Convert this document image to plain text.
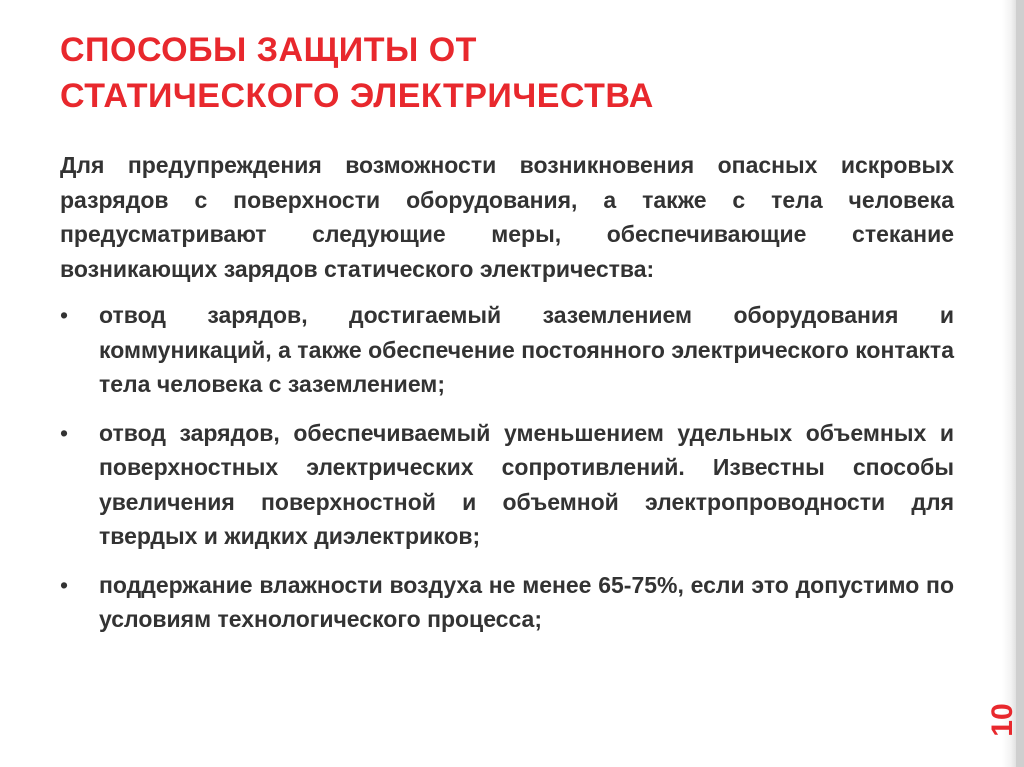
СПОСОБЫ ЗАЩИТЫ ОТ
СТАТИЧЕСКОГО ЭЛЕКТРИЧЕСТВА

Для предупреждения возможности возникновения опасных искровых разрядов с поверхности оборудования, а также с тела человека предусматривают следующие меры, обеспечивающие стекание возникающих зарядов статического электричества:

• отвод зарядов, достигаемый заземлением оборудования и коммуникаций, а также обеспечение постоянного электрического контакта тела человека с заземлением;
• отвод зарядов, обеспечиваемый уменьшением удельных объемных и поверхностных электрических сопротивлений. Известны способы увеличения поверхностной и объемной электропроводности для твердых и жидких диэлектриков;
• поддержание влажности воздуха не менее 65-75%, если это допустимо по условиям технологического процесса;
10
